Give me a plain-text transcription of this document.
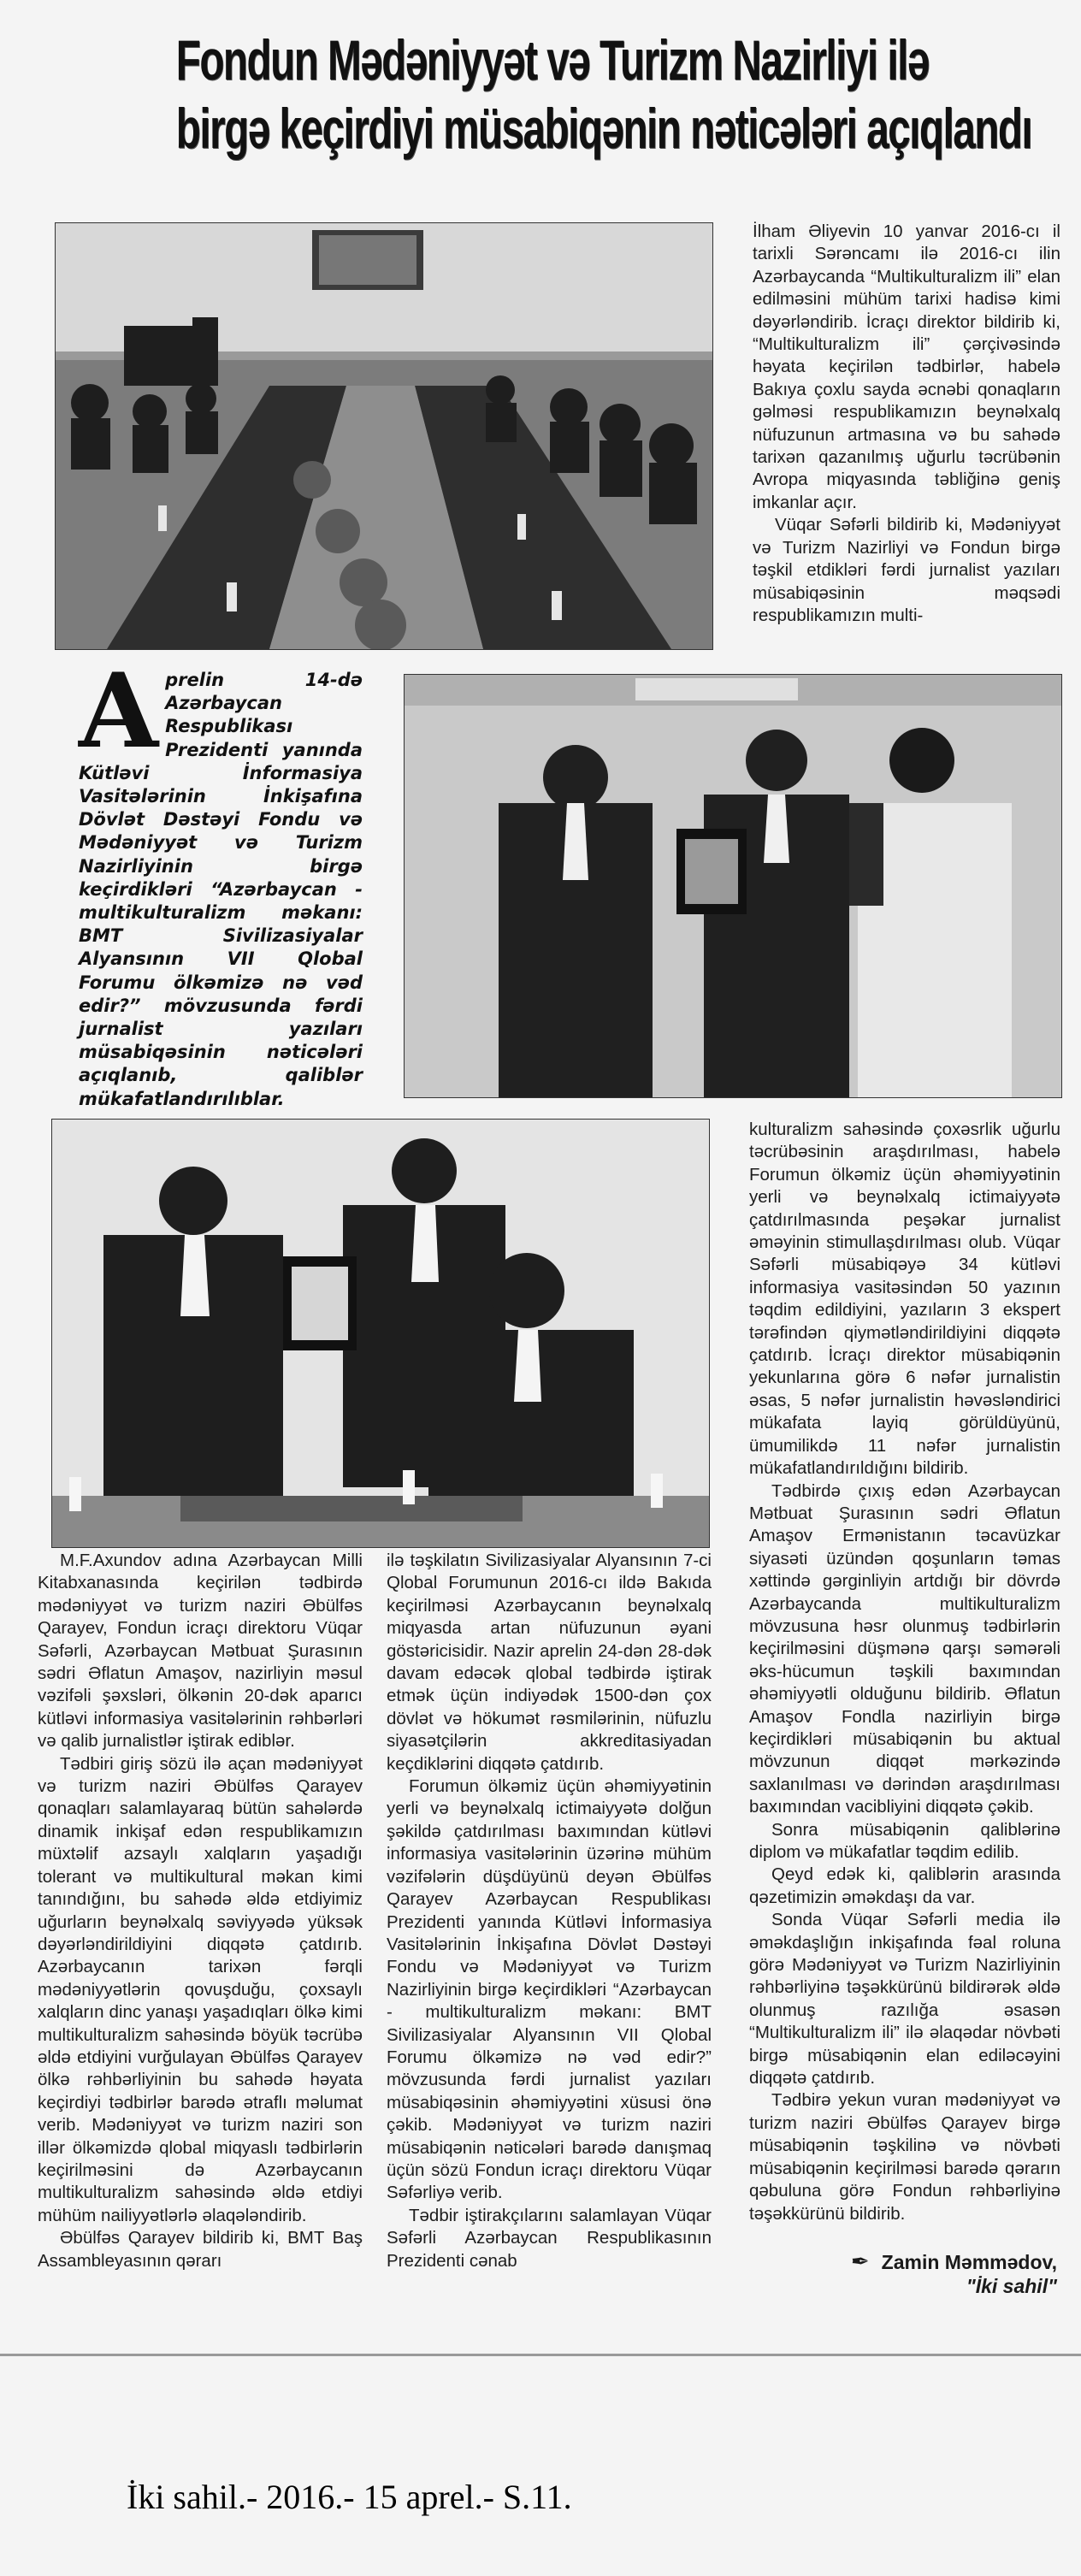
Fondun Mədəniyyət və Turizm Nazirliyi ilə
birgə keçirdiyi müsabiqənin nəticələri açıqlandı

İlham Əliyevin 10 yanvar 2016-cı il tarixli Sərəncamı ilə 2016-cı ilin Azərbaycanda “Multikulturalizm ili” elan edilməsini mühüm tarixi hadisə kimi dəyərləndirib. İcraçı direktor bildirib ki, “Multikulturalizm ili” çərçivəsində həyata keçirilən tədbirlər, habelə Bakıya çoxlu sayda əcnəbi qonaqların gəlməsi respublikamızın beynəlxalq nüfuzunun artmasına və bu sahədə tarixən qazanılmış uğurlu təcrübənin Avropa miqyasında təbliğinə geniş imkanlar açır.

Vüqar Səfərli bildirib ki, Mədəniyyət və Turizm Nazirliyi və Fondun birgə təşkil etdikləri fərdi jurnalist yazıları müsabiqəsinin məqsədi respublikamızın multi-

Aprelin 14-də Azərbaycan Respublikası Prezidenti yanında Kütləvi İnformasiya Vasitələrinin İnkişafına Dövlət Dəstəyi Fondu və Mədəniyyət və Turizm Nazirliyinin birgə keçirdikləri “Azərbaycan - multikulturalizm məkanı: BMT Sivilizasiyalar Alyansının VII Qlobal Forumu ölkəmizə nə vəd edir?” mövzusunda fərdi jurnalist yazıları müsabiqəsinin nəticələri açıqlanıb, qaliblər mükafatlandırılıblar.

M.F.Axundov adına Azərbaycan Milli Kitabxanasında keçirilən tədbirdə mədəniyyət və turizm naziri Əbülfəs Qarayev, Fondun icraçı direktoru Vüqar Səfərli, Azərbaycan Mətbuat Şurasının sədri Əflatun Amaşov, nazirliyin məsul vəzifəli şəxsləri, ölkənin 20-dək aparıcı kütləvi informasiya vasitələrinin rəhbərləri və qalib jurnalistlər iştirak ediblər.

Tədbiri giriş sözü ilə açan mədəniyyət və turizm naziri Əbülfəs Qarayev qonaqları salamlayaraq bütün sahələrdə dinamik inkişaf edən respublikamızın müxtəlif azsaylı xalqların yaşadığı tolerant və multikultural məkan kimi tanındığını, bu sahədə əldə etdiyimiz uğurların beynəlxalq səviyyədə yüksək dəyərləndirildiyini diqqətə çatdırıb. Azərbaycanın tarixən fərqli mədəniyyətlərin qovuşduğu, çoxsaylı xalqların dinc yanaşı yaşadıqları ölkə kimi multikulturalizm sahəsində böyük təcrübə əldə etdiyini vurğulayan Əbülfəs Qarayev ölkə rəhbərliyinin bu sahədə həyata keçirdiyi tədbirlər barədə ətraflı məlumat verib. Mədəniyyət və turizm naziri son illər ölkəmizdə qlobal miqyaslı tədbirlərin keçirilməsini də Azərbaycanın multikulturalizm sahəsində əldə etdiyi mühüm nailiyyətlərlə əlaqələndirib.

Əbülfəs Qarayev bildirib ki, BMT Baş Assambleyasının qərarı

ilə təşkilatın Sivilizasiyalar Alyansının 7-ci Qlobal Forumunun 2016-cı ildə Bakıda keçirilməsi Azərbaycanın beynəlxalq miqyasda artan nüfuzunun əyani göstəricisidir. Nazir aprelin 24-dən 28-dək davam edəcək qlobal tədbirdə iştirak etmək üçün indiyədək 1500-dən çox dövlət və hökumət rəsmilərinin, nüfuzlu siyasətçilərin akkreditasiyadan keçdiklərini diqqətə çatdırıb.

Forumun ölkəmiz üçün əhəmiyyətinin yerli və beynəlxalq ictimaiyyətə dolğun şəkildə çatdırılması baxımından kütləvi informasiya vasitələrinin üzərinə mühüm vəzifələrin düşdüyünü deyən Əbülfəs Qarayev Azərbaycan Respublikası Prezidenti yanında Kütləvi İnformasiya Vasitələrinin İnkişafına Dövlət Dəstəyi Fondu və Mədəniyyət və Turizm Nazirliyinin birgə keçirdikləri “Azərbaycan - multikulturalizm məkanı: BMT Sivilizasiyalar Alyansının VII Qlobal Forumu ölkəmizə nə vəd edir?” mövzusunda fərdi jurnalist yazıları müsabiqəsinin əhəmiyyətini xüsusi önə çəkib. Mədəniyyət və turizm naziri müsabiqənin nəticələri barədə danışmaq üçün sözü Fondun icraçı direktoru Vüqar Səfərliyə verib.

Tədbir iştirakçılarını salamlayan Vüqar Səfərli Azərbaycan Respublikasının Prezidenti cənab

kulturalizm sahəsində çoxəsrlik uğurlu təcrübəsinin araşdırılması, habelə Forumun ölkəmiz üçün əhəmiyyətinin yerli və beynəlxalq ictimaiyyətə çatdırılmasında peşəkar jurnalist əməyinin stimullaşdırılması olub. Vüqar Səfərli müsabiqəyə 34 kütləvi informasiya vasitəsindən 50 yazının təqdim edildiyini, yazıların 3 ekspert tərəfindən qiymətləndirildiyini diqqətə çatdırıb. İcraçı direktor müsabiqənin yekunlarına görə 6 nəfər jurnalistin əsas, 5 nəfər jurnalistin həvəsləndirici mükafata layiq görüldüyünü, ümumilikdə 11 nəfər jurnalistin mükafatlandırıldığını bildirib.

Tədbirdə çıxış edən Azərbaycan Mətbuat Şurasının sədri Əflatun Amaşov Ermənistanın təcavüzkar siyasəti üzündən qoşunların təmas xəttində gərginliyin artdığı bir dövrdə Azərbaycanda multikulturalizm mövzusuna həsr olunmuş tədbirlərin keçirilməsini düşmənə qarşı səmərəli əks-hücumun təşkili baxımından əhəmiyyətli olduğunu bildirib. Əflatun Amaşov Fondla nazirliyin birgə keçirdikləri müsabiqənin bu aktual mövzunun diqqət mərkəzində saxlanılması və dərindən araşdırılması baxımından vacibliyini diqqətə çəkib.

Sonra müsabiqənin qaliblərinə diplom və mükafatlar təqdim edilib.

Qeyd edək ki, qaliblərin arasında qəzetimizin əməkdaşı da var.

Sonda Vüqar Səfərli media ilə əməkdaşlığın inkişafında fəal roluna görə Mədəniyyət və Turizm Nazirliyinin rəhbərliyinə təşəkkürünü bildirərək əldə olunmuş razılığa əsasən “Multikulturalizm ili” ilə əlaqədar növbəti birgə müsabiqənin elan ediləcəyini diqqətə çatdırıb.

Tədbirə yekun vuran mədəniyyət və turizm naziri Əbülfəs Qarayev birgə müsabiqənin təşkilinə və növbəti müsabiqənin keçirilməsi barədə qərarın qəbuluna görə Fondun rəhbərliyinə təşəkkürünü bildirib.

✒ Zamin Məmmədov,
"İki sahil"
İki sahil.- 2016.- 15 aprel.- S.11.
